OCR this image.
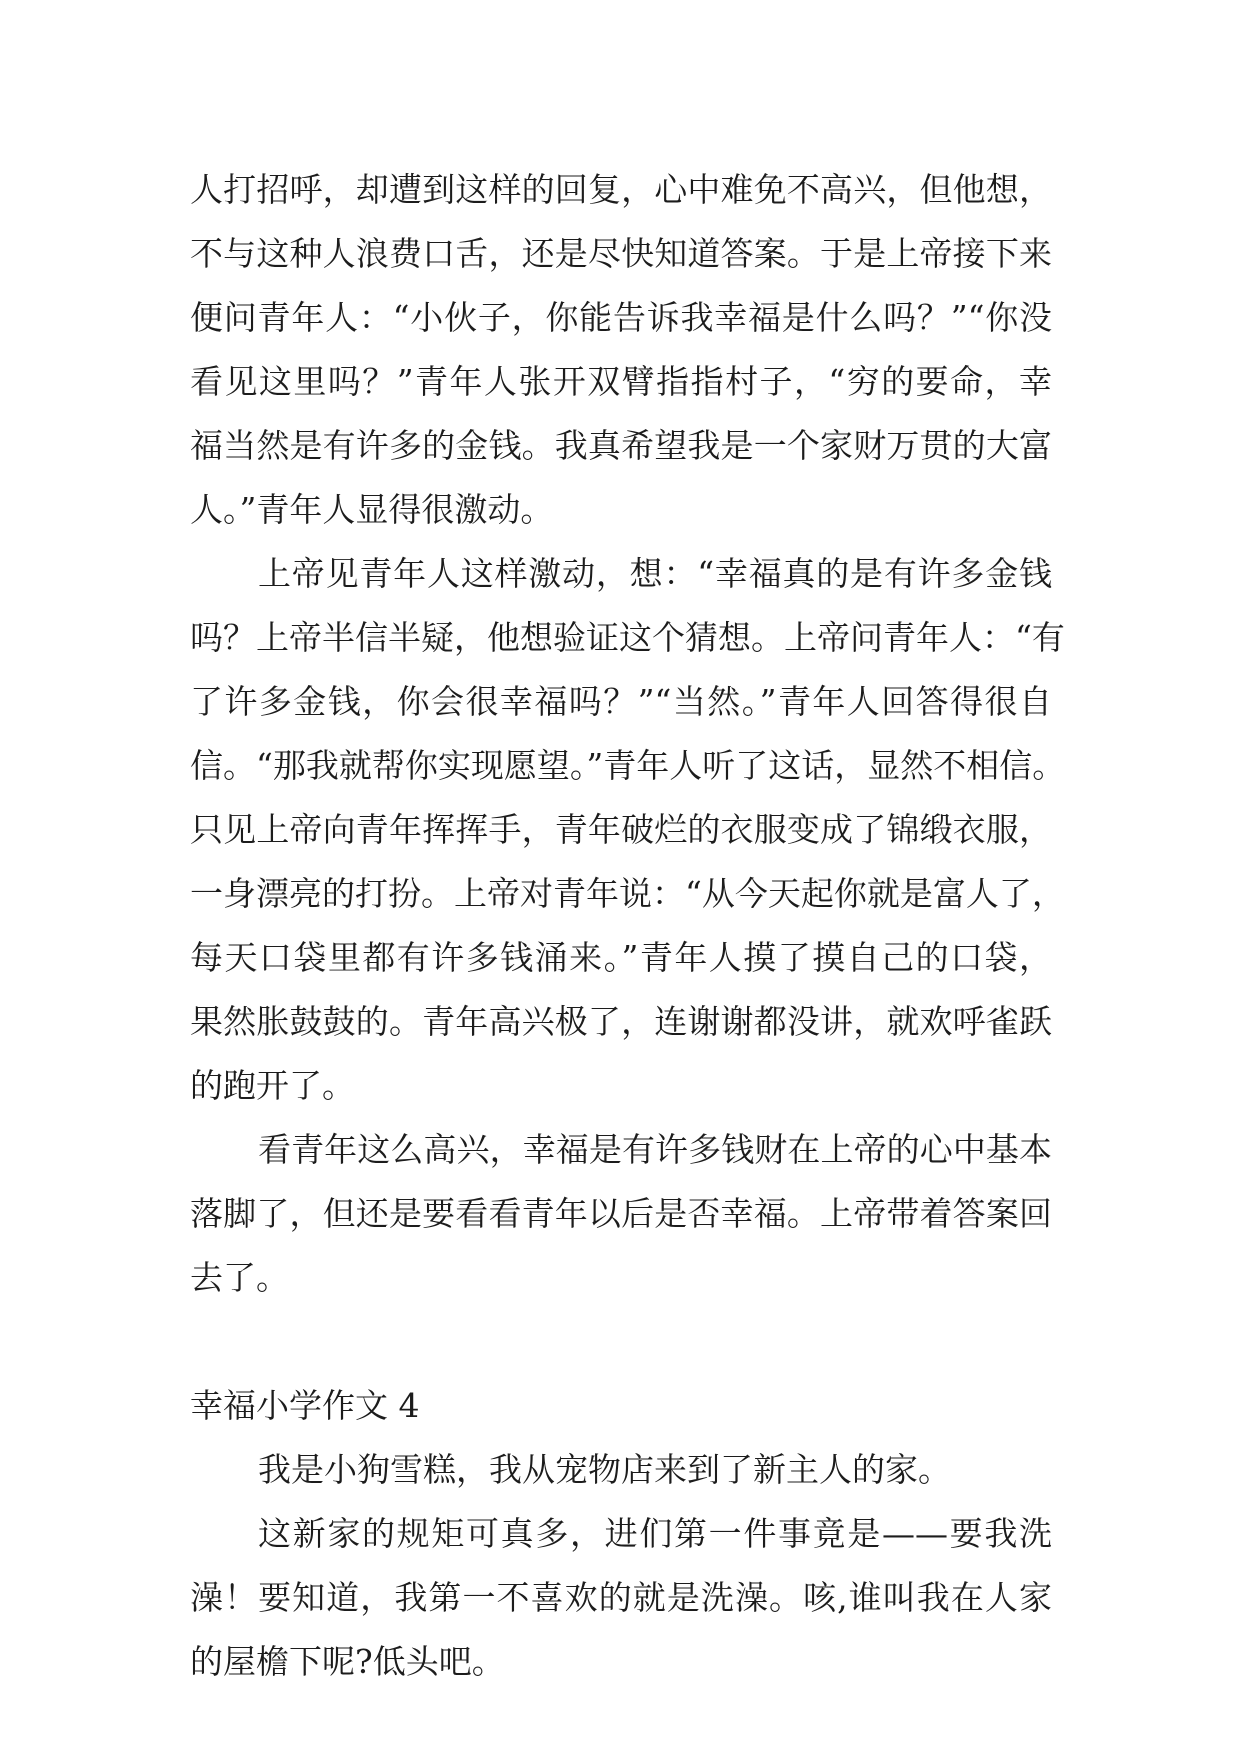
人打招呼，却遭到这样的回复，心中难免不高兴，但他想，
不与这种人浪费口舌，还是尽快知道答案。于是上帝接下来
便问青年人：“小伙子，你能告诉我幸福是什么吗？”“你没
看见这里吗？”青年人张开双臂指指村子，“穷的要命，幸
福当然是有许多的金钱。我真希望我是一个家财万贯的大富
人。”青年人显得很激动。
上帝见青年人这样激动，想：“幸福真的是有许多金钱
吗？上帝半信半疑，他想验证这个猜想。上帝问青年人：“有
了许多金钱，你会很幸福吗？”“当然。”青年人回答得很自
信。“那我就帮你实现愿望。”青年人听了这话，显然不相信。
只见上帝向青年挥挥手，青年破烂的衣服变成了锦缎衣服，
一身漂亮的打扮。上帝对青年说：“从今天起你就是富人了，
每天口袋里都有许多钱涌来。”青年人摸了摸自己的口袋，
果然胀鼓鼓的。青年高兴极了，连谢谢都没讲，就欢呼雀跃
的跑开了。
看青年这么高兴，幸福是有许多钱财在上帝的心中基本
落脚了，但还是要看看青年以后是否幸福。上帝带着答案回
去了。
幸福小学作文 4
我是小狗雪糕，我从宠物店来到了新主人的家。
这新家的规矩可真多，进们第一件事竟是——要我洗
澡！要知道，我第一不喜欢的就是洗澡。咳,谁叫我在人家
的屋檐下呢?低头吧。
